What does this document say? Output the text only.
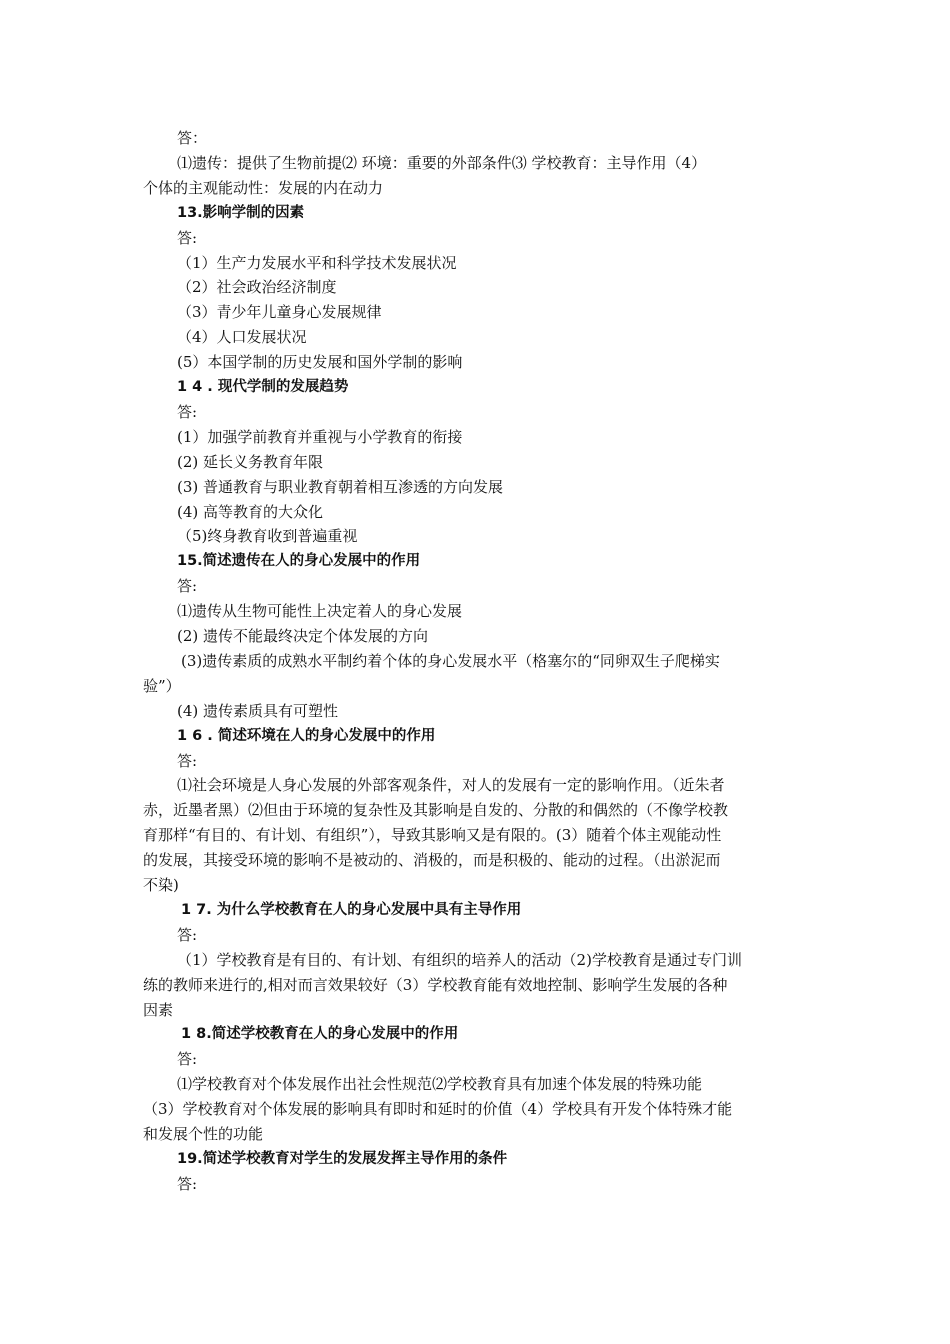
答：
⑴遗传：提供了生物前提⑵ 环境：重要的外部条件⑶ 学校教育：主导作用（4）
个体的主观能动性：发展的内在动力
13.影响学制的因素
答:
（1）生产力发展水平和科学技术发展状况
（2）社会政治经济制度
（3）青少年儿童身心发展规律
（4）人口发展状况
(5）本国学制的历史发展和国外学制的影响
1 4 . 现代学制的发展趋势
答:
(1）加强学前教育并重视与小学教育的衔接
(2) 延长义务教育年限
(3) 普通教育与职业教育朝着相互渗透的方向发展
(4) 高等教育的大众化
（5)终身教育收到普遍重视
15.简述遗传在人的身心发展中的作用
答:
⑴遗传从生物可能性上决定着人的身心发展
(2) 遗传不能最终决定个体发展的方向
(3)遗传素质的成熟水平制约着个体的身心发展水平（格塞尔的“同卵双生子爬梯实
验”）
(4) 遗传素质具有可塑性
1 6 . 简述环境在人的身心发展中的作用
答:
⑴社会环境是人身心发展的外部客观条件，对人的发展有一定的影响作用。（近朱者
赤，近墨者黑）⑵但由于环境的复杂性及其影响是自发的、分散的和偶然的（不像学校教
育那样“有目的、有计划、有组织”），导致其影响又是有限的。(3）随着个体主观能动性
的发展，其接受环境的影响不是被动的、消极的，而是积极的、能动的过程。（出淤泥而
不染)
1 7. 为什么学校教育在人的身心发展中具有主导作用
答:
（1）学校教育是有目的、有计划、有组织的培养人的活动（2)学校教育是通过专门训
练的教师来进行的,相对而言效果较好（3）学校教育能有效地控制、影响学生发展的各种
因素
1 8.简述学校教育在人的身心发展中的作用
答:
⑴学校教育对个体发展作出社会性规范⑵学校教育具有加速个体发展的特殊功能
（3）学校教育对个体发展的影响具有即时和延时的价值（4）学校具有开发个体特殊才能
和发展个性的功能
19.简述学校教育对学生的发展发挥主导作用的条件
答:
